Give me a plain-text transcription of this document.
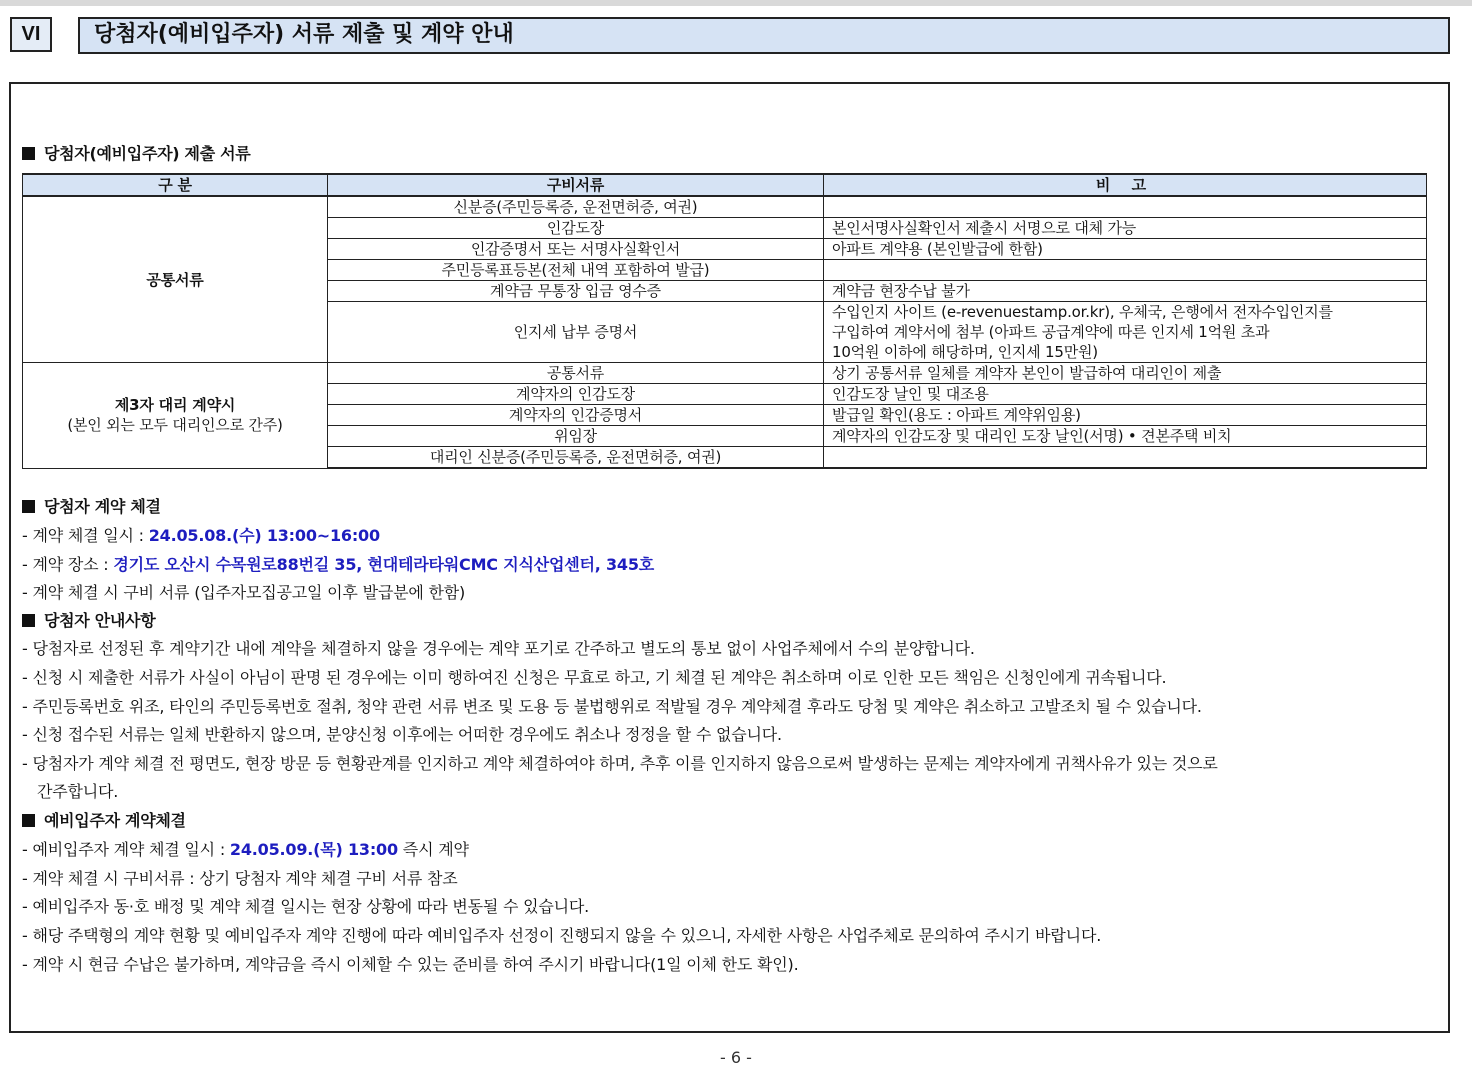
VI	당첨자(예비입주자) 서류 제출 및 계약 안내
당첨자(예비입주자) 제출 서류
구 분	구비서류	비 고
공통서류	신분증(주민등록증, 운전면허증, 여권)	
	인감도장	본인서명사실확인서 제출시 서명으로 대체 가능
	인감증명서 또는 서명사실확인서	아파트 계약용 (본인발급에 한함)
	주민등록표등본(전체 내역 포함하여 발급)	
	계약금 무통장 입금 영수증	계약금 현장수납 불가
	인지세 납부 증명서	수입인지 사이트 (e-revenuestamp.or.kr), 우체국, 은행에서 전자수입인지를
구입하여 계약서에 첨부 (아파트 공급계약에 따른 인지세 1억원 초과
10억원 이하에 해당하며, 인지세 15만원)

제3자 대리 계약시
(본인 외는 모두 대리인으로 간주)	공통서류	상기 공통서류 일체를 계약자 본인이 발급하여 대리인이 제출
	계약자의 인감도장	인감도장 날인 및 대조용
	계약자의 인감증명서	발급일 확인(용도 : 아파트 계약위임용)
	위임장	계약자의 인감도장 및 대리인 도장 날인(서명) • 견본주택 비치
	대리인 신분증(주민등록증, 운전면허증, 여권)	
당첨자 계약 체결
- 계약 체결 일시 : 24.05.08.(수) 13:00~16:00
- 계약 장소 : 경기도 오산시 수목원로88번길 35, 현대테라타워CMC 지식산업센터, 345호
- 계약 체결 시 구비 서류 (입주자모집공고일 이후 발급분에 한함)
당첨자 안내사항
- 당첨자로 선정된 후 계약기간 내에 계약을 체결하지 않을 경우에는 계약 포기로 간주하고 별도의 통보 없이 사업주체에서 수의 분양합니다.
- 신청 시 제출한 서류가 사실이 아님이 판명 된 경우에는 이미 행하여진 신청은 무효로 하고, 기 체결 된 계약은 취소하며 이로 인한 모든 책임은 신청인에게 귀속됩니다.
- 주민등록번호 위조, 타인의 주민등록번호 절취, 청약 관련 서류 변조 및 도용 등 불법행위로 적발될 경우 계약체결 후라도 당첨 및 계약은 취소하고 고발조치 될 수 있습니다.
- 신청 접수된 서류는 일체 반환하지 않으며, 분양신청 이후에는 어떠한 경우에도 취소나 정정을 할 수 없습니다.
- 당첨자가 계약 체결 전 평면도, 현장 방문 등 현황관계를 인지하고 계약 체결하여야 하며, 추후 이를 인지하지 않음으로써 발생하는 문제는 계약자에게 귀책사유가 있는 것으로
간주합니다.
예비입주자 계약체결
- 예비입주자 계약 체결 일시 : 24.05.09.(목) 13:00 즉시 계약
- 계약 체결 시 구비서류 : 상기 당첨자 계약 체결 구비 서류 참조
- 예비입주자 동·호 배정 및 계약 체결 일시는 현장 상황에 따라 변동될 수 있습니다.
- 해당 주택형의 계약 현황 및 예비입주자 계약 진행에 따라 예비입주자 선정이 진행되지 않을 수 있으니, 자세한 사항은 사업주체로 문의하여 주시기 바랍니다.
- 계약 시 현금 수납은 불가하며, 계약금을 즉시 이체할 수 있는 준비를 하여 주시기 바랍니다(1일 이체 한도 확인).
- 6 -
